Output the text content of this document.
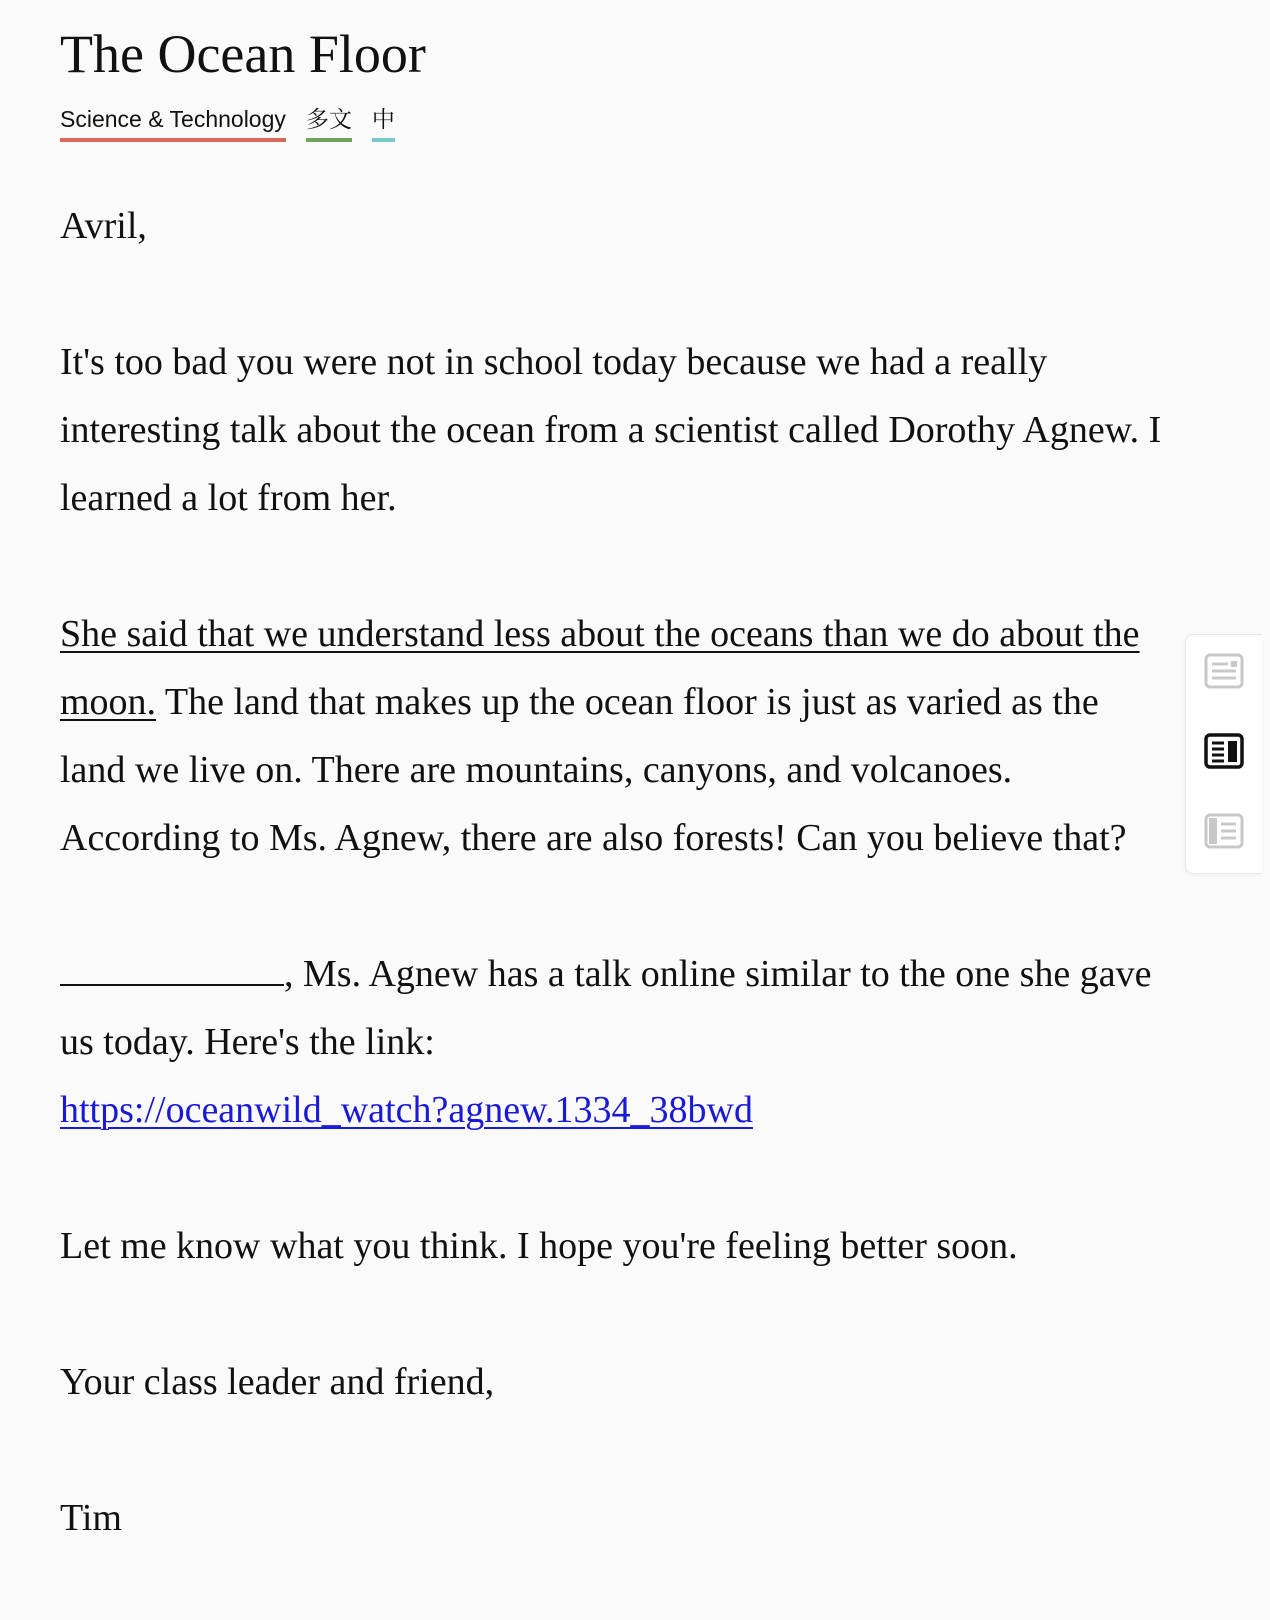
The Ocean Floor
Science & Technology 多文 中

Avril,

It's too bad you were not in school today because we had a really interesting talk about the ocean from a scientist called Dorothy Agnew. I learned a lot from her.

She said that we understand less about the oceans than we do about the moon. The land that makes up the ocean floor is just as varied as the land we live on. There are mountains, canyons, and volcanoes. According to Ms. Agnew, there are also forests! Can you believe that?

, Ms. Agnew has a talk online similar to the one she gave us today. Here's the link:
https://oceanwild_watch?agnew.1334_38bwd

Let me know what you think. I hope you're feeling better soon.

Your class leader and friend,

Tim
